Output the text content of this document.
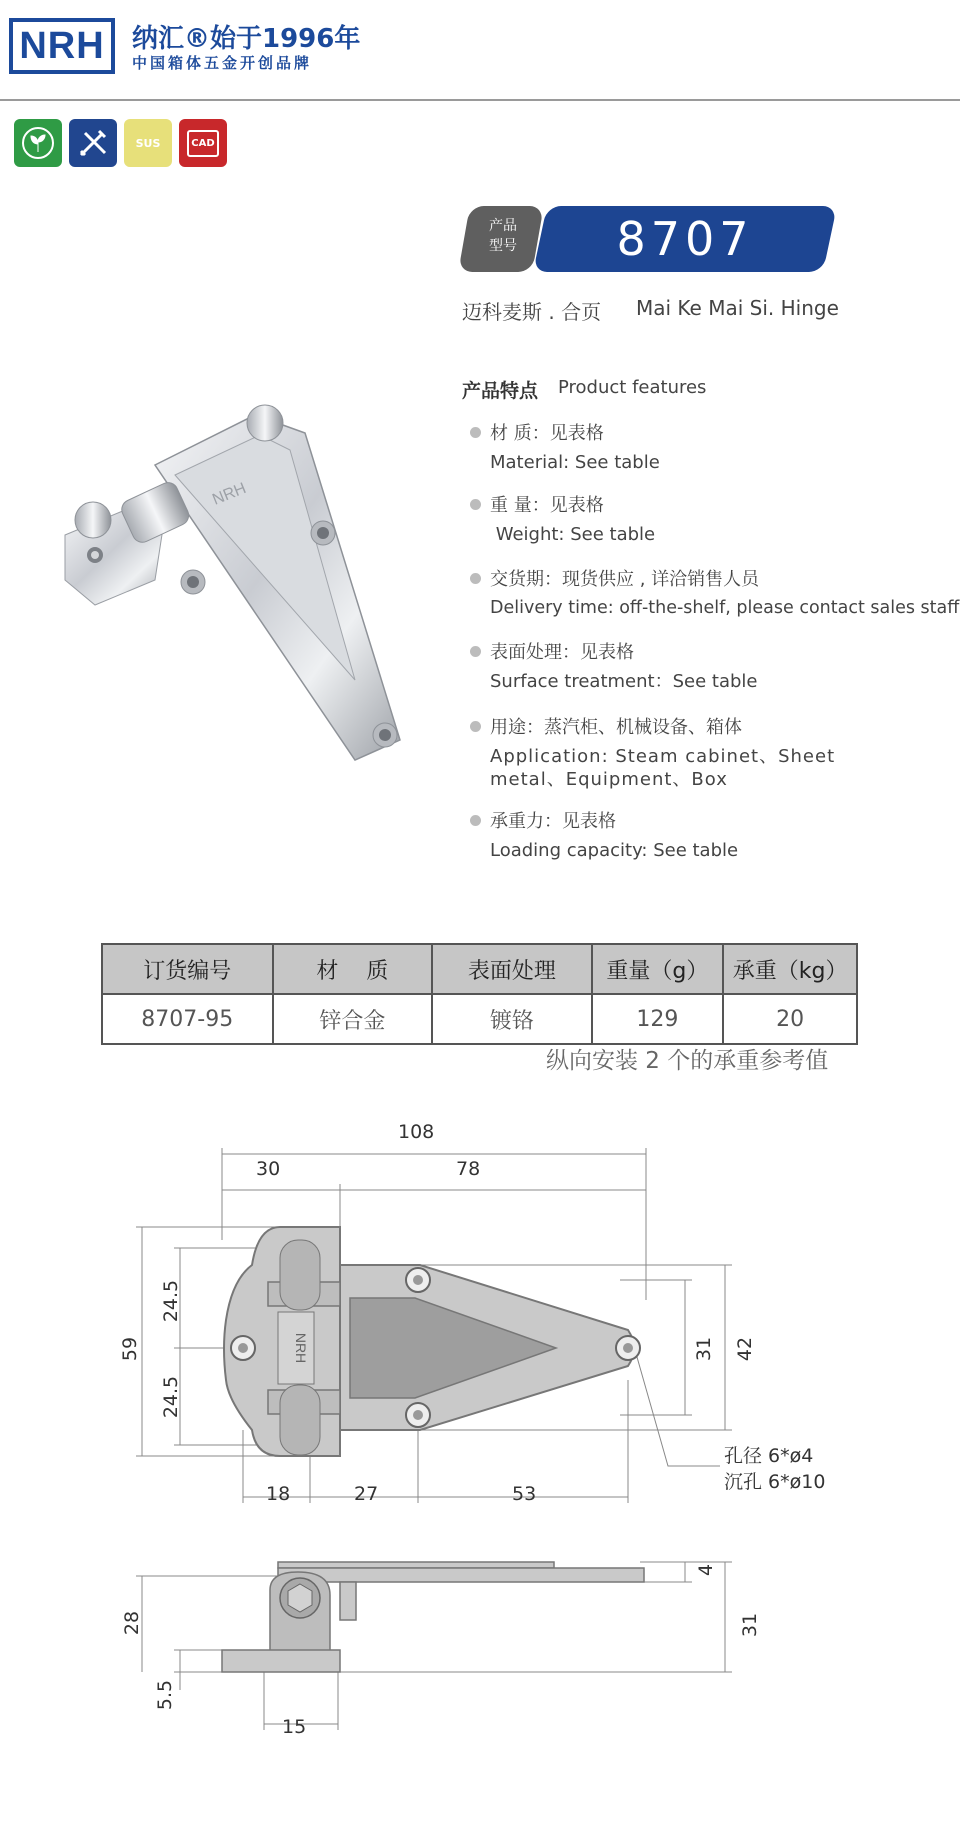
NRH	纳汇®始于1996年
中国箱体五金开创品牌
SUS	CAD
产品
型号	8707
迈科麦斯 . 合页 Mai Ke Mai Si. Hinge
NRH
产品特点 Product features
材 质：见表格
Material: See table
重 量：见表格
Weight: See table
交货期：现货供应 , 详洽销售人员
Delivery time: off-the-shelf, please contact sales staff
表面处理：见表格
Surface treatment：See table
用途：蒸汽柜、机械设备、箱体
Application: Steam cabinet、Sheet metal、Equipment、Box
承重力：见表格
Loading capacity: See table
订货编号	材    质	表面处理	重量（g）	承重（kg）
8707-95	锌合金	镀铬	129	20
纵向安装 2 个的承重参考值
NRH
108
30	78
59
24.5
24.5
31 42
18	27	53
孔径 6*ø4
沉孔 6*ø10
28
5.5
15
4
31
